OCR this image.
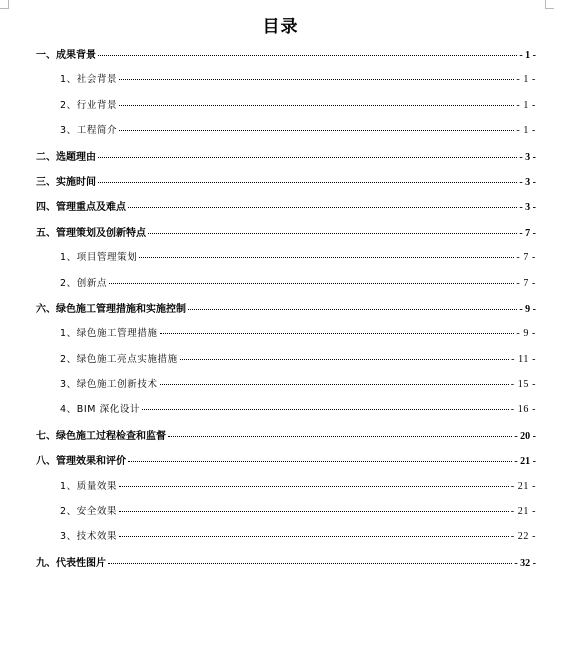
目录
一、成果背景	- 1 -
1、社会背景	- 1 -
2、行业背景	- 1 -
3、工程简介	- 1 -
二、选题理由	- 3 -
三、实施时间	- 3 -
四、管理重点及难点	- 3 -
五、管理策划及创新特点	- 7 -
1、项目管理策划	- 7 -
2、创新点	- 7 -
六、绿色施工管理措施和实施控制	- 9 -
1、绿色施工管理措施	- 9 -
2、绿色施工亮点实施措施	- 11 -
3、绿色施工创新技术	- 15 -
4、BIM 深化设计	- 16 -
七、绿色施工过程检查和监督	- 20 -
八、管理效果和评价	- 21 -
1、质量效果	- 21 -
2、安全效果	- 21 -
3、技术效果	- 22 -
九、代表性图片	- 32 -
